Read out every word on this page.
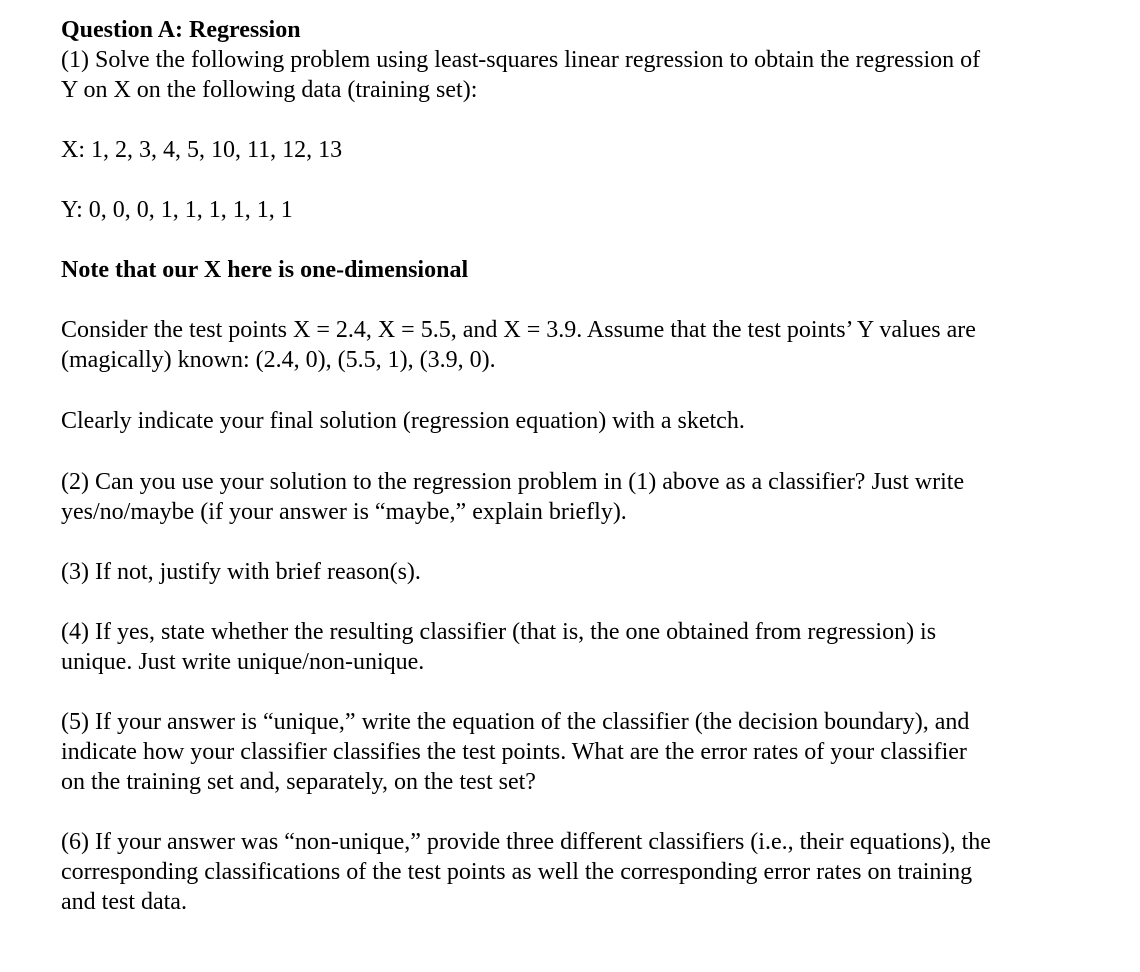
Question A: Regression
(1) Solve the following problem using least-squares linear regression to obtain the regression of
Y on X on the following data (training set):
X: 1, 2, 3, 4, 5, 10, 11, 12, 13
Y: 0, 0, 0, 1, 1, 1, 1, 1, 1
Note that our X here is one-dimensional
Consider the test points X = 2.4, X = 5.5, and X = 3.9. Assume that the test points’ Y values are
(magically) known: (2.4, 0), (5.5, 1), (3.9, 0).
Clearly indicate your final solution (regression equation) with a sketch.
(2) Can you use your solution to the regression problem in (1) above as a classifier? Just write
yes/no/maybe (if your answer is “maybe,” explain briefly).
(3) If not, justify with brief reason(s).
(4) If yes, state whether the resulting classifier (that is, the one obtained from regression) is
unique. Just write unique/non-unique.
(5) If your answer is “unique,” write the equation of the classifier (the decision boundary), and
indicate how your classifier classifies the test points. What are the error rates of your classifier
on the training set and, separately, on the test set?
(6) If your answer was “non-unique,” provide three different classifiers (i.e., their equations), the
corresponding classifications of the test points as well the corresponding error rates on training
and test data.
